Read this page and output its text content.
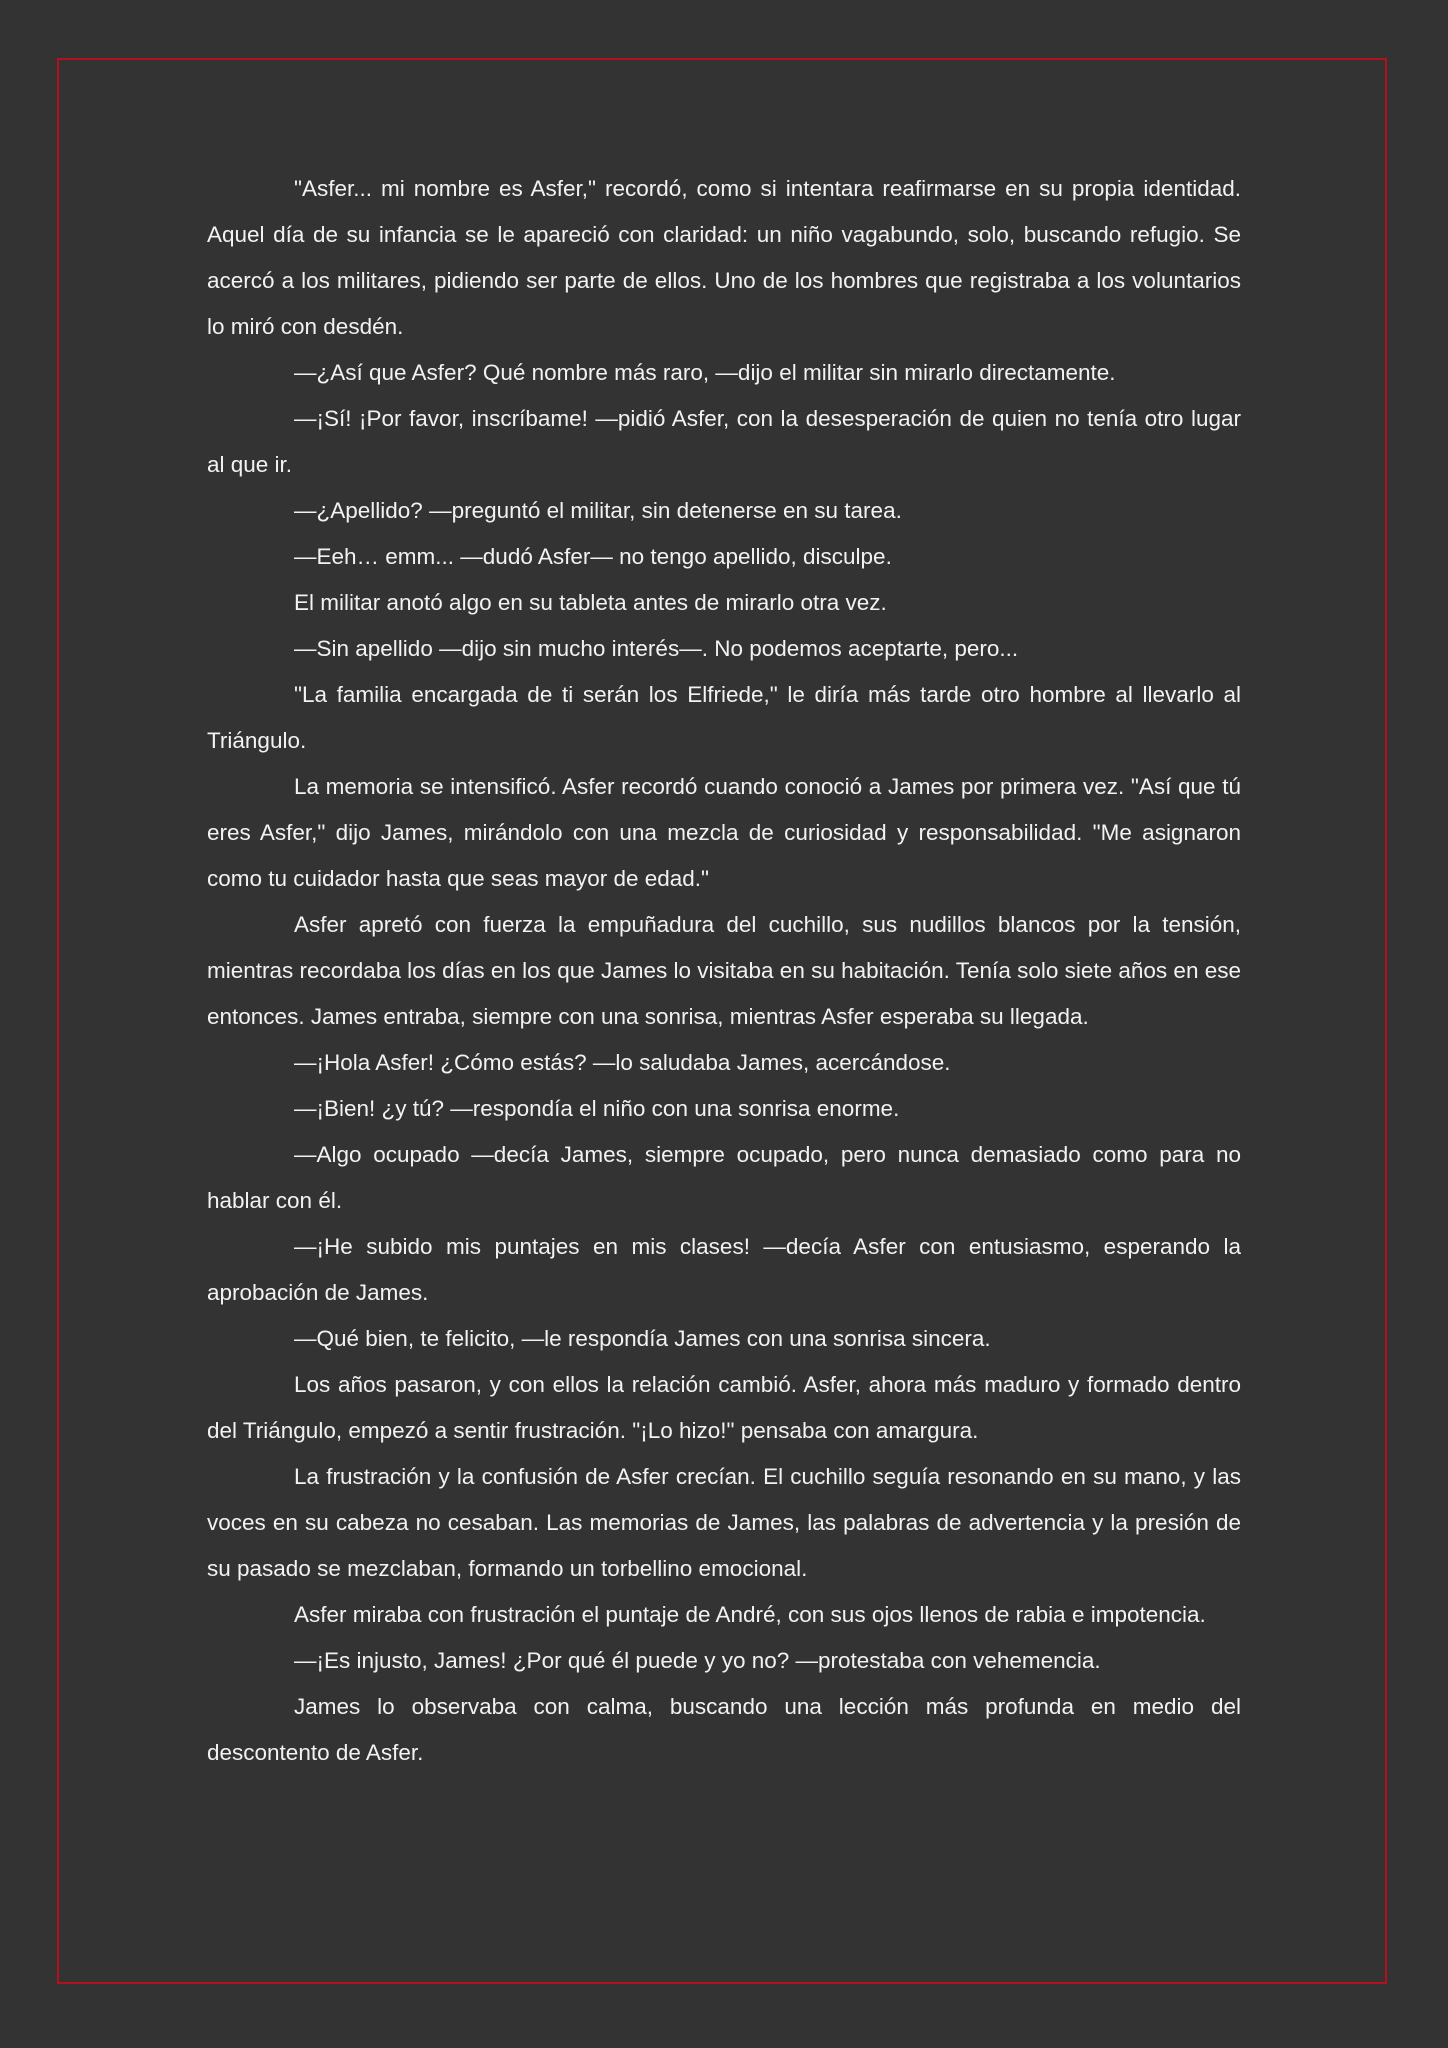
"Asfer... mi nombre es Asfer," recordó, como si intentara reafirmarse en su propia identidad. Aquel día de su infancia se le apareció con claridad: un niño vagabundo, solo, buscando refugio. Se acercó a los militares, pidiendo ser parte de ellos. Uno de los hombres que registraba a los voluntarios lo miró con desdén.

—¿Así que Asfer? Qué nombre más raro, —dijo el militar sin mirarlo directamente.

—¡Sí! ¡Por favor, inscríbame! —pidió Asfer, con la desesperación de quien no tenía otro lugar al que ir.

—¿Apellido? —preguntó el militar, sin detenerse en su tarea.

—Eeh… emm... —dudó Asfer— no tengo apellido, disculpe.

El militar anotó algo en su tableta antes de mirarlo otra vez.

—Sin apellido —dijo sin mucho interés—. No podemos aceptarte, pero...

"La familia encargada de ti serán los Elfriede," le diría más tarde otro hombre al llevarlo al Triángulo.

La memoria se intensificó. Asfer recordó cuando conoció a James por primera vez. "Así que tú eres Asfer," dijo James, mirándolo con una mezcla de curiosidad y responsabilidad. "Me asignaron como tu cuidador hasta que seas mayor de edad."

Asfer apretó con fuerza la empuñadura del cuchillo, sus nudillos blancos por la tensión, mientras recordaba los días en los que James lo visitaba en su habitación. Tenía solo siete años en ese entonces. James entraba, siempre con una sonrisa, mientras Asfer esperaba su llegada.

—¡Hola Asfer! ¿Cómo estás? —lo saludaba James, acercándose.

—¡Bien! ¿y tú? —respondía el niño con una sonrisa enorme.

—Algo ocupado —decía James, siempre ocupado, pero nunca demasiado como para no hablar con él.

—¡He subido mis puntajes en mis clases! —decía Asfer con entusiasmo, esperando la aprobación de James.

—Qué bien, te felicito, —le respondía James con una sonrisa sincera.

Los años pasaron, y con ellos la relación cambió. Asfer, ahora más maduro y formado dentro del Triángulo, empezó a sentir frustración. "¡Lo hizo!" pensaba con amargura.

La frustración y la confusión de Asfer crecían. El cuchillo seguía resonando en su mano, y las voces en su cabeza no cesaban. Las memorias de James, las palabras de advertencia y la presión de su pasado se mezclaban, formando un torbellino emocional.

Asfer miraba con frustración el puntaje de André, con sus ojos llenos de rabia e impotencia.

—¡Es injusto, James! ¿Por qué él puede y yo no? —protestaba con vehemencia.

James lo observaba con calma, buscando una lección más profunda en medio del descontento de Asfer.
